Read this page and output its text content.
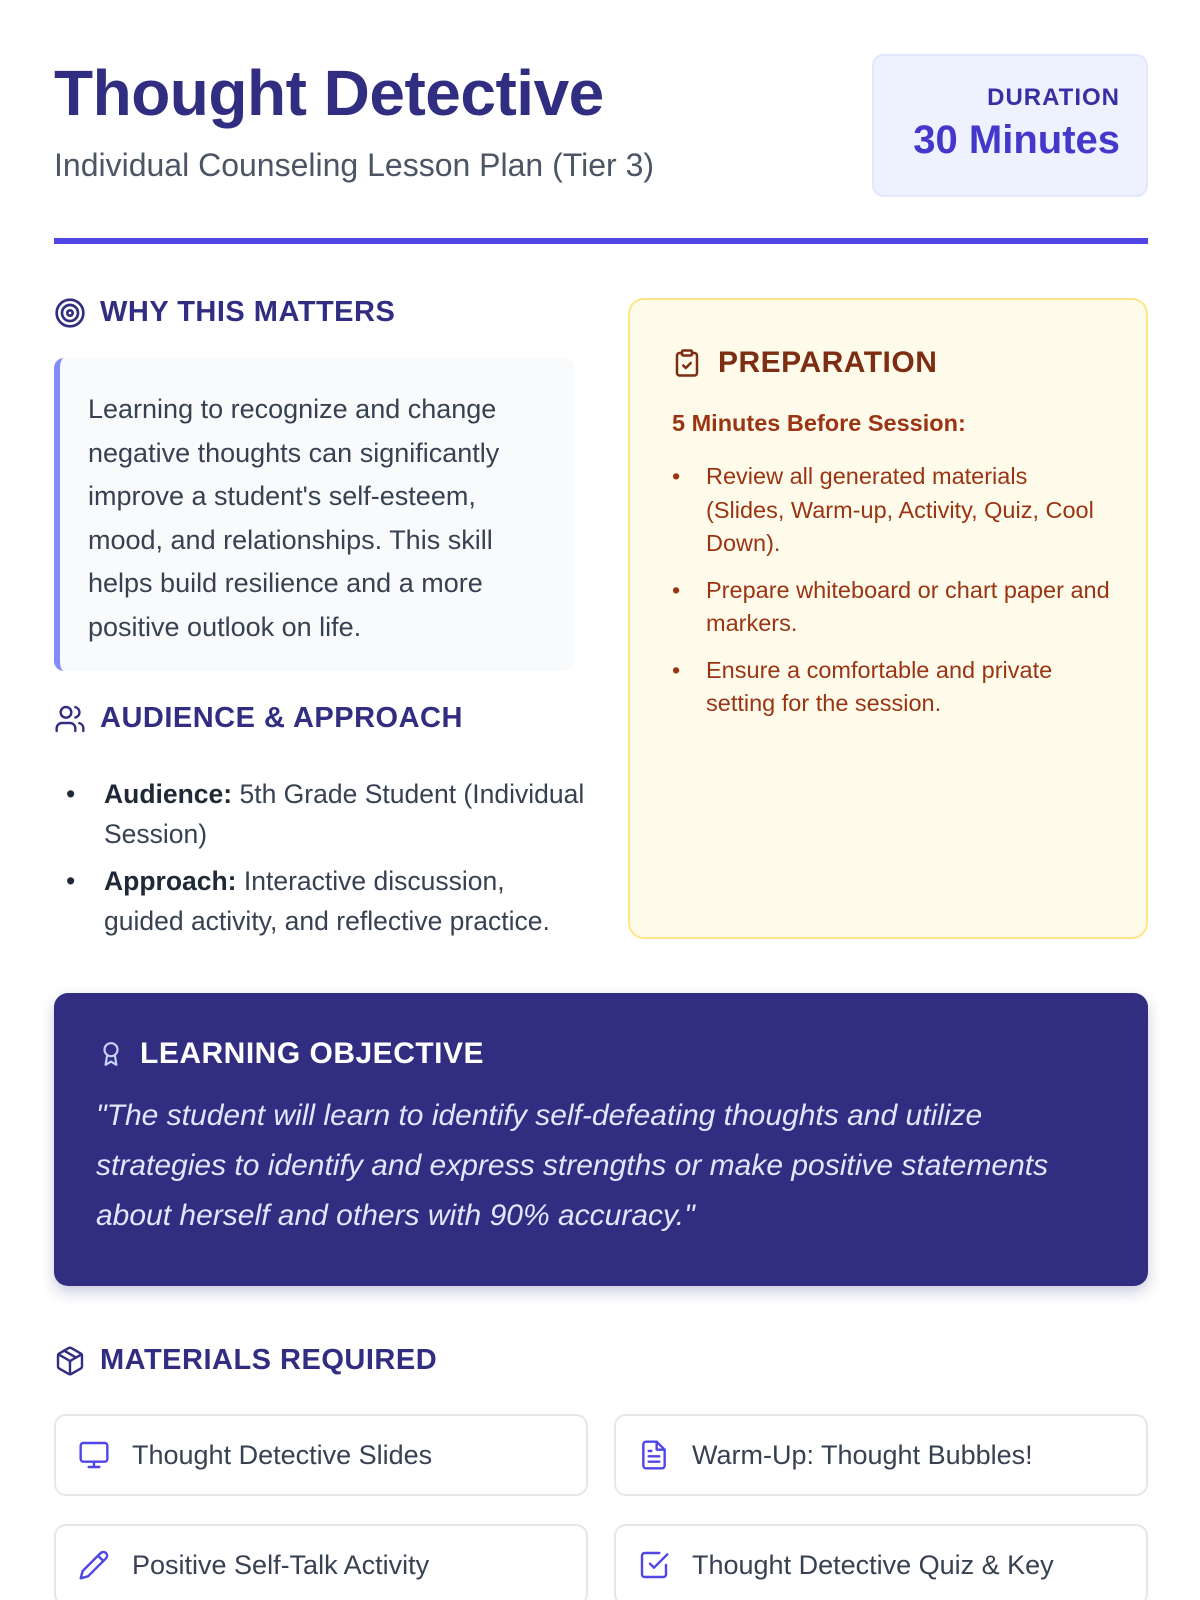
Thought Detective
Individual Counseling Lesson Plan (Tier 3)
DURATION
30 Minutes
WHY THIS MATTERS
Learning to recognize and change negative thoughts can significantly improve a student's self-esteem, mood, and relationships. This skill helps build resilience and a more positive outlook on life.
AUDIENCE & APPROACH
• Audience: 5th Grade Student (Individual Session)
• Approach: Interactive discussion, guided activity, and reflective practice.
PREPARATION
5 Minutes Before Session:
• Review all generated materials (Slides, Warm-up, Activity, Quiz, Cool Down).
• Prepare whiteboard or chart paper and markers.
• Ensure a comfortable and private setting for the session.
LEARNING OBJECTIVE
"The student will learn to identify self-defeating thoughts and utilize strategies to identify and express strengths or make positive statements about herself and others with 90% accuracy."
MATERIALS REQUIRED
Thought Detective Slides	Warm-Up: Thought Bubbles!
Positive Self-Talk Activity	Thought Detective Quiz & Key
